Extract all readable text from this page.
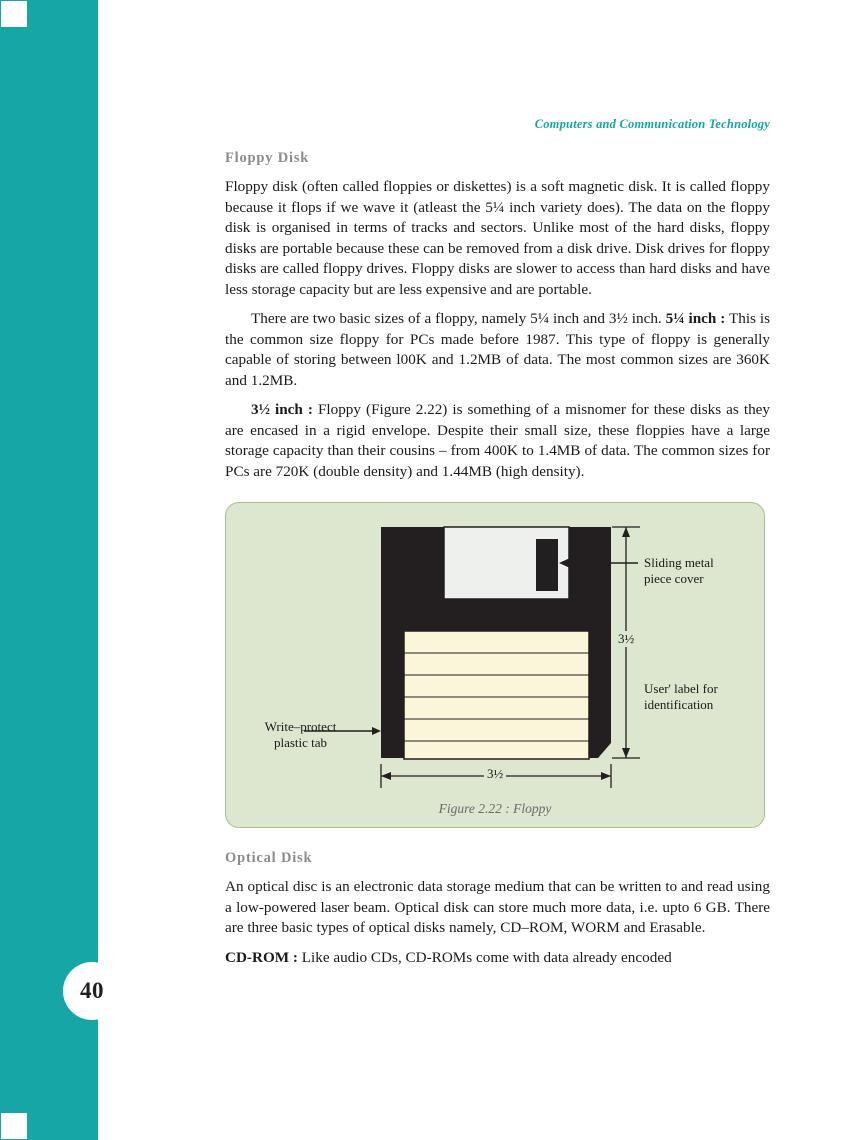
40
Computers and Communication Technology
Floppy Disk

Floppy disk (often called floppies or diskettes) is a soft magnetic disk. It is called floppy because it flops if we wave it (atleast the 5¼ inch variety does). The data on the floppy disk is organised in terms of tracks and sectors. Unlike most of the hard disks, floppy disks are portable because these can be removed from a disk drive. Disk drives for floppy disks are called floppy drives. Floppy disks are slower to access than hard disks and have less storage capacity but are less expensive and are portable.

There are two basic sizes of a floppy, namely 5¼ inch and 3½ inch. 5¼ inch : This is the common size floppy for PCs made before 1987. This type of floppy is generally capable of storing between l00K and 1.2MB of data. The most common sizes are 360K and 1.2MB.

3½ inch : Floppy (Figure 2.22) is something of a misnomer for these disks as they are encased in a rigid envelope. Despite their small size, these floppies have a large storage capacity than their cousins – from 400K to 1.4MB of data. The common sizes for PCs are 720K (double density) and 1.44MB (high density).

Sliding metal
piece cover
User' label for
identification
Write–protect
plastic tab
3½
3½
Figure 2.22 : Floppy
Optical Disk

An optical disc is an electronic data storage medium that can be written to and read using a low-powered laser beam. Optical disk can store much more data, i.e. upto 6 GB. There are three basic types of optical disks namely, CD–ROM, WORM and Erasable.

CD-ROM : Like audio CDs, CD-ROMs come with data already encoded
